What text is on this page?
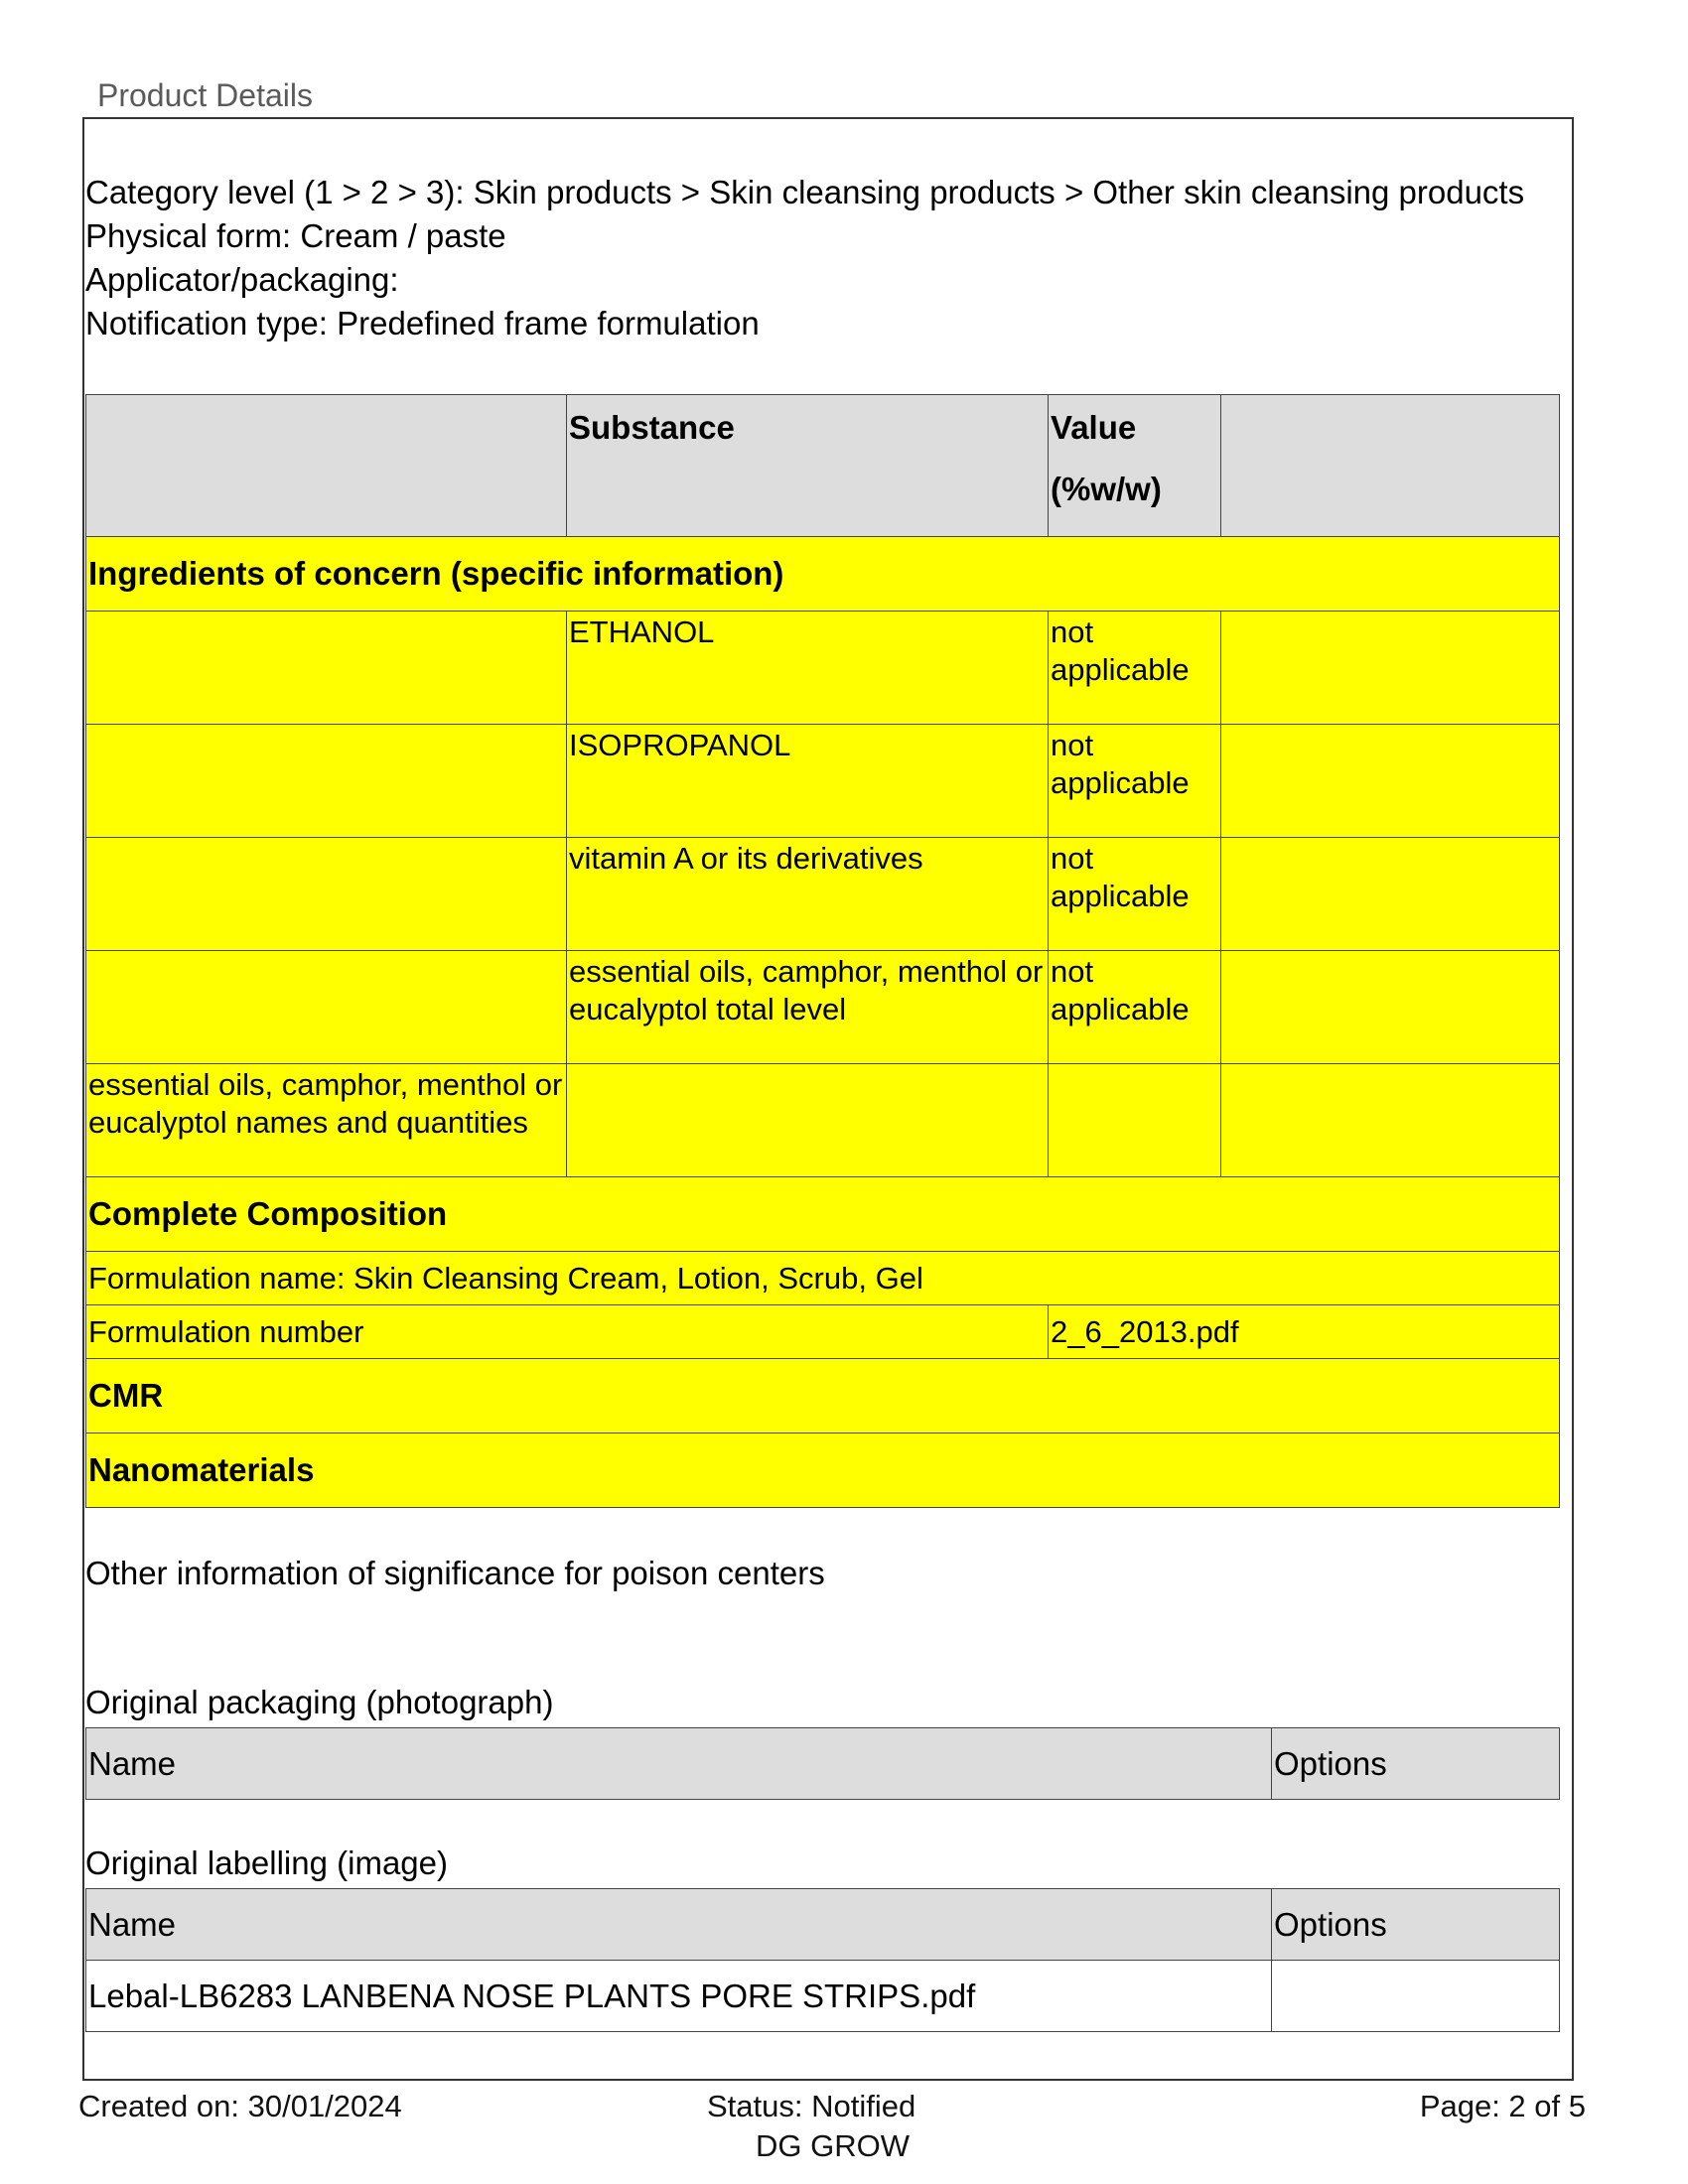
Product Details
Category level (1 > 2 > 3): Skin products > Skin cleansing products > Other skin cleansing products
Physical form: Cream / paste
Applicator/packaging:
Notification type: Predefined frame formulation
	Substance	Value
(%w/w)	
Ingredients of concern (specific information)			
	ETHANOL	not applicable	
	ISOPROPANOL	not applicable	
	vitamin A or its derivatives	not applicable	
	essential oils, camphor, menthol or eucalyptol total level	not applicable	
essential oils, camphor, menthol or eucalyptol names and quantities			
Complete Composition			
Formulation name: Skin Cleansing Cream, Lotion, Scrub, Gel			
Formulation number		2_6_2013.pdf	
CMR			
Nanomaterials			
Other information of significance for poison centers
Original packaging (photograph)
Name	Options
Original labelling (image)
Name	Options
Lebal-LB6283 LANBENA NOSE PLANTS PORE STRIPS.pdf	
Created on: 30/01/2024	Status: Notified
DG GROW
Page: 2 of 5
